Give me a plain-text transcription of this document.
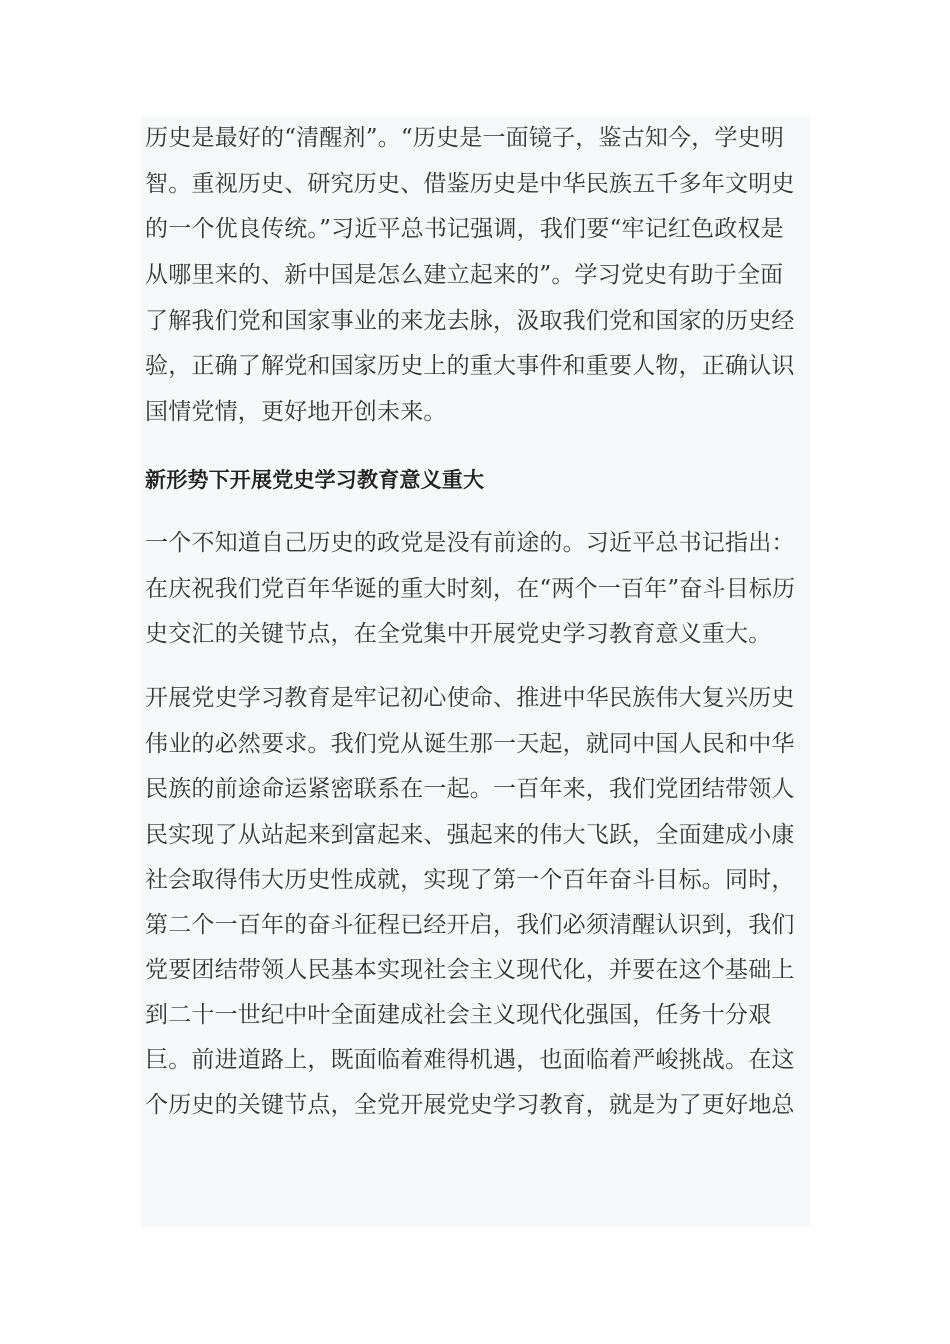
历史是最好的“清醒剂”。“历史是一面镜子，鉴古知今，学史明
智。重视历史、研究历史、借鉴历史是中华民族五千多年文明史
的一个优良传统。”习近平总书记强调，我们要“牢记红色政权是
从哪里来的、新中国是怎么建立起来的”。学习党史有助于全面
了解我们党和国家事业的来龙去脉，汲取我们党和国家的历史经
验，正确了解党和国家历史上的重大事件和重要人物，正确认识
国情党情，更好地开创未来。
新形势下开展党史学习教育意义重大
一个不知道自己历史的政党是没有前途的。习近平总书记指出：
在庆祝我们党百年华诞的重大时刻，在“两个一百年”奋斗目标历
史交汇的关键节点，在全党集中开展党史学习教育意义重大。
开展党史学习教育是牢记初心使命、推进中华民族伟大复兴历史
伟业的必然要求。我们党从诞生那一天起，就同中国人民和中华
民族的前途命运紧密联系在一起。一百年来，我们党团结带领人
民实现了从站起来到富起来、强起来的伟大飞跃，全面建成小康
社会取得伟大历史性成就，实现了第一个百年奋斗目标。同时，
第二个一百年的奋斗征程已经开启，我们必须清醒认识到，我们
党要团结带领人民基本实现社会主义现代化，并要在这个基础上
到二十一世纪中叶全面建成社会主义现代化强国，任务十分艰
巨。前进道路上，既面临着难得机遇，也面临着严峻挑战。在这
个历史的关键节点，全党开展党史学习教育，就是为了更好地总
